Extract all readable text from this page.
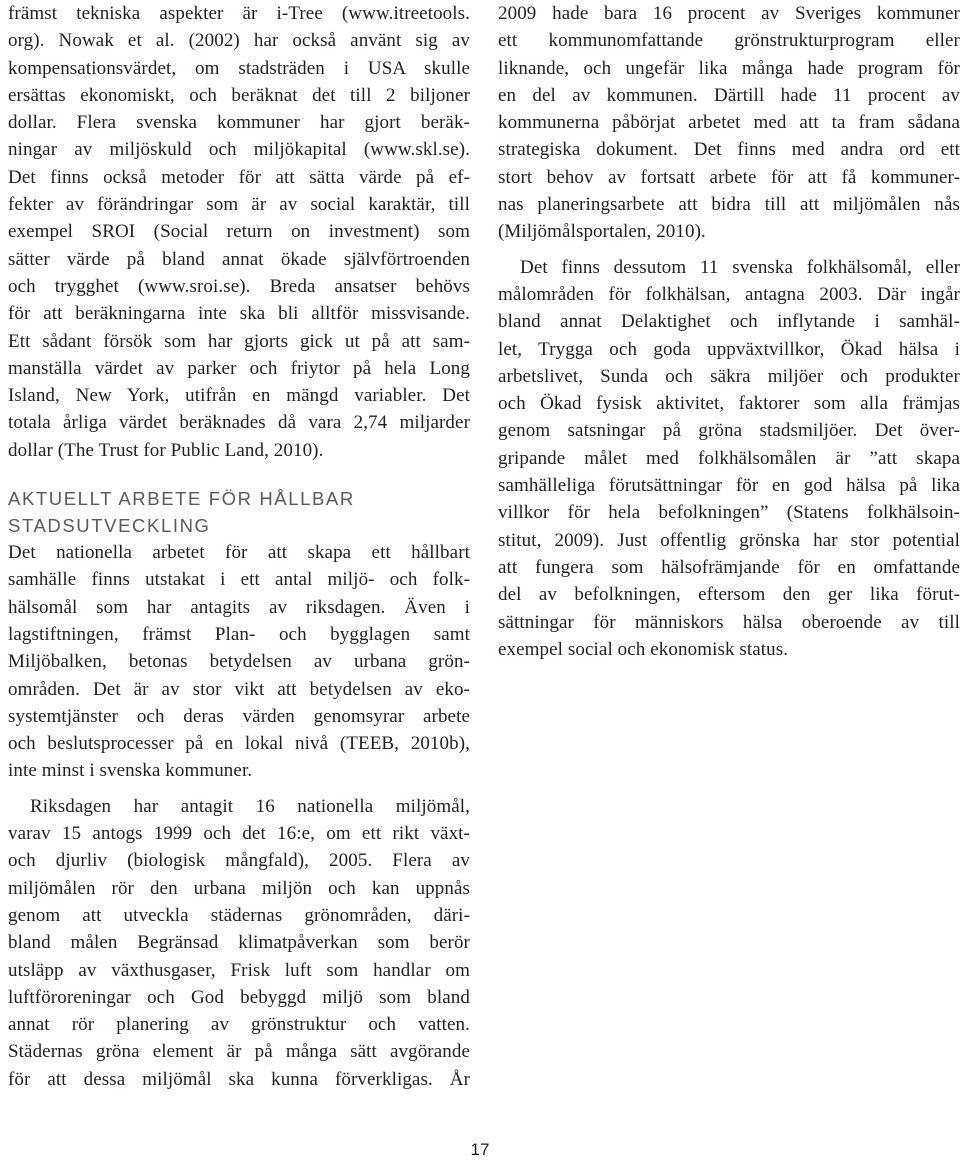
främst tekniska aspekter är i-Tree (www.itreetools.
org). Nowak et al. (2002) har också använt sig av
kompensationsvärdet, om stadsträden i USA skulle
ersättas ekonomiskt, och beräknat det till 2 biljoner
dollar. Flera svenska kommuner har gjort beräk-
ningar av miljöskuld och miljökapital (www.skl.se).
Det finns också metoder för att sätta värde på ef-
fekter av förändringar som är av social karaktär, till
exempel SROI (Social return on investment) som
sätter värde på bland annat ökade självförtroenden
och trygghet (www.sroi.se). Breda ansatser behövs
för att beräkningarna inte ska bli alltför missvisande.
Ett sådant försök som har gjorts gick ut på att sam-
manställa värdet av parker och friytor på hela Long
Island, New York, utifrån en mängd variabler. Det
totala årliga värdet beräknades då vara 2,74 miljarder
dollar (The Trust for Public Land, 2010).
AKTUELLT ARBETE FÖR HÅLLBAR
STADSUTVECKLING
Det nationella arbetet för att skapa ett hållbart
samhälle finns utstakat i ett antal miljö- och folk-
hälsomål som har antagits av riksdagen. Även i
lagstiftningen, främst Plan- och bygglagen samt
Miljöbalken, betonas betydelsen av urbana grön-
områden. Det är av stor vikt att betydelsen av eko-
systemtjänster och deras värden genomsyrar arbete
och beslutsprocesser på en lokal nivå (TEEB, 2010b),
inte minst i svenska kommuner.
Riksdagen har antagit 16 nationella miljömål,
varav 15 antogs 1999 och det 16:e, om ett rikt växt-
och djurliv (biologisk mångfald), 2005. Flera av
miljömålen rör den urbana miljön och kan uppnås
genom att utveckla städernas grönområden, däri-
bland målen Begränsad klimatpåverkan som berör
utsläpp av växthusgaser, Frisk luft som handlar om
luftföroreningar och God bebyggd miljö som bland
annat rör planering av grönstruktur och vatten.
Städernas gröna element är på många sätt avgörande
för att dessa miljömål ska kunna förverkligas. År
2009 hade bara 16 procent av Sveriges kommuner
ett kommunomfattande grönstrukturprogram eller
liknande, och ungefär lika många hade program för
en del av kommunen. Därtill hade 11 procent av
kommunerna påbörjat arbetet med att ta fram sådana
strategiska dokument. Det finns med andra ord ett
stort behov av fortsatt arbete för att få kommuner-
nas planeringsarbete att bidra till att miljömålen nås
(Miljömålsportalen, 2010).
Det finns dessutom 11 svenska folkhälsomål, eller
målområden för folkhälsan, antagna 2003. Där ingår
bland annat Delaktighet och inflytande i samhäl-
let, Trygga och goda uppväxtvillkor, Ökad hälsa i
arbetslivet, Sunda och säkra miljöer och produkter
och Ökad fysisk aktivitet, faktorer som alla främjas
genom satsningar på gröna stadsmiljöer. Det över-
gripande målet med folkhälsomålen är ”att skapa
samhälleliga förutsättningar för en god hälsa på lika
villkor för hela befolkningen” (Statens folkhälsoin-
stitut, 2009). Just offentlig grönska har stor potential
att fungera som hälsofrämjande för en omfattande
del av befolkningen, eftersom den ger lika förut-
sättningar för människors hälsa oberoende av till
exempel social och ekonomisk status.
17
